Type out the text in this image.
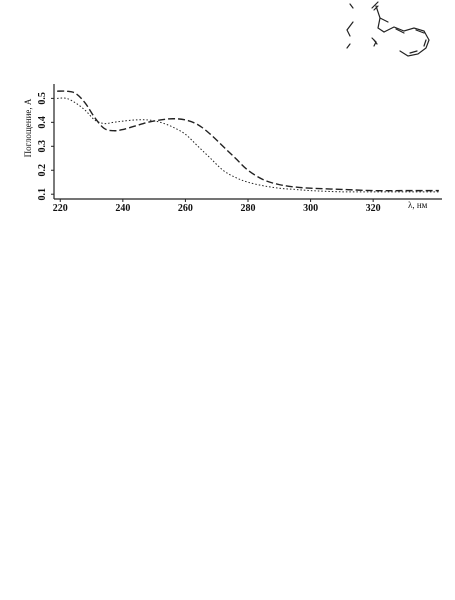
220	240	260	280	300	320
0.1
0.2
0.3
0.4
0.5
Поглощение, А
λ, нм
